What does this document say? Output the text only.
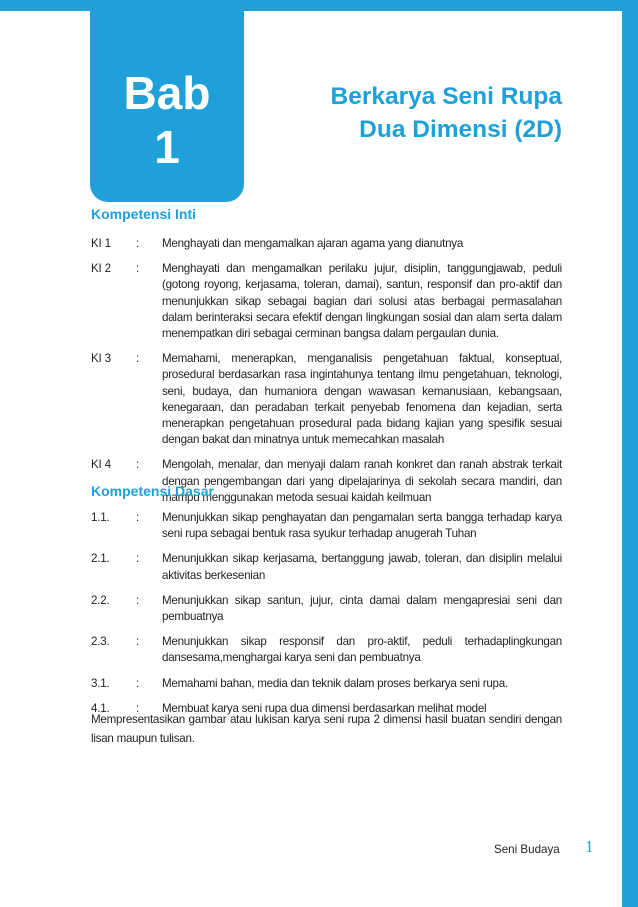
Bab
1
Berkarya Seni Rupa
Dua Dimensi (2D)
Kompetensi Inti
KI 1 : Menghayati dan mengamalkan ajaran agama yang dianutnya
KI 2 : Menghayati dan mengamalkan perilaku jujur, disiplin, tanggungjawab, peduli (gotong royong, kerjasama, toleran, damai), santun, responsif dan pro-aktif dan menunjukkan sikap sebagai bagian dari solusi atas berbagai permasalahan dalam berinteraksi secara efektif dengan lingkungan sosial dan alam serta dalam menempatkan diri sebagai cerminan bangsa dalam pergaulan dunia.
KI 3 : Memahami, menerapkan, menganalisis pengetahuan faktual, konseptual, prosedural berdasarkan rasa ingintahunya tentang ilmu pengetahuan, teknologi, seni, budaya, dan humaniora dengan wawasan kemanusiaan, kebangsaan, kenegaraan, dan peradaban terkait penyebab fenomena dan kejadian, serta menerapkan pengetahuan prosedural pada bidang kajian yang spesifik sesuai dengan bakat dan minatnya untuk memecahkan masalah
KI 4 : Mengolah, menalar, dan menyaji dalam ranah konkret dan ranah abstrak terkait dengan pengembangan dari yang dipelajarinya di sekolah secara mandiri, dan mampu menggunakan metoda sesuai kaidah keilmuan
Kompetensi Dasar
1.1. : Menunjukkan sikap penghayatan dan pengamalan serta bangga terhadap karya seni rupa sebagai bentuk rasa syukur terhadap anugerah Tuhan
2.1. : Menunjukkan sikap kerjasama, bertanggung jawab, toleran, dan disiplin melalui aktivitas berkesenian
2.2. : Menunjukkan sikap santun, jujur, cinta damai dalam mengapresiai seni dan pembuatnya
2.3. : Menunjukkan sikap responsif dan pro-aktif, peduli terhadaplingkungan dansesama,menghargai karya seni dan pembuatnya
3.1. : Memahami bahan, media dan teknik dalam proses berkarya seni rupa.
4.1. : Membuat karya seni rupa dua dimensi berdasarkan melihat model
Mempresentasikan gambar atau lukisan karya seni rupa 2 dimensi hasil buatan sendiri dengan lisan maupun tulisan.
Seni Budaya 1
